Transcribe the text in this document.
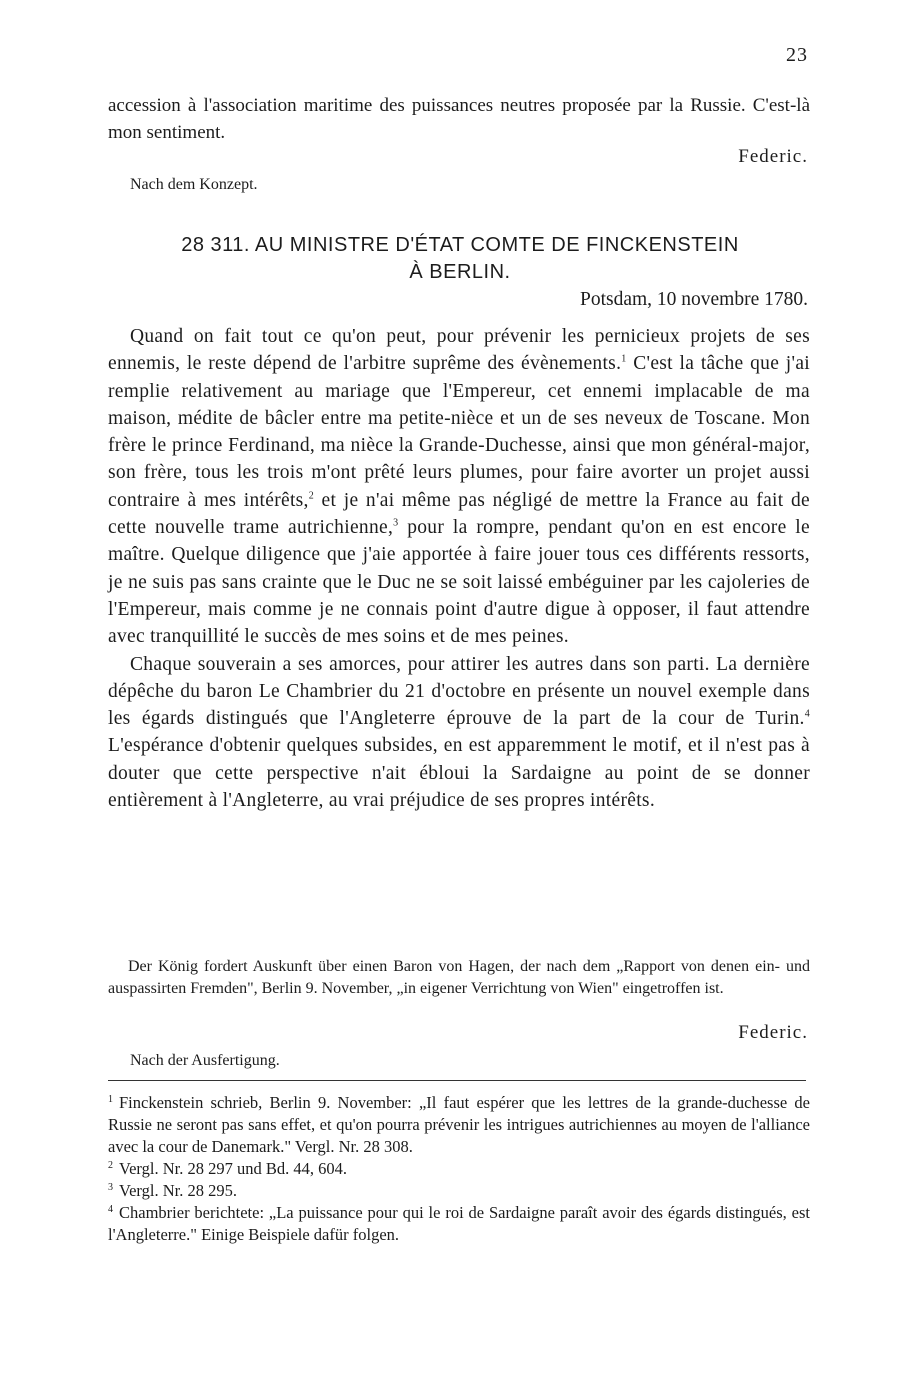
23
accession à l'association maritime des puissances neutres proposée par la Russie. C'est-là mon sentiment.
Federic.
Nach dem Konzept.
28 311. AU MINISTRE D'ÉTAT COMTE DE FINCKENSTEIN
À BERLIN.
Potsdam, 10 novembre 1780.

Quand on fait tout ce qu'on peut, pour prévenir les pernicieux projets de ses ennemis, le reste dépend de l'arbitre suprême des évènements.$^1$ C'est la tâche que j'ai remplie relativement au mariage que l'Empereur, cet ennemi implacable de ma maison, médite de bâcler entre ma petite-nièce et un de ses neveux de Toscane. Mon frère le prince Ferdinand, ma nièce la Grande-Duchesse, ainsi que mon général-major, son frère, tous les trois m'ont prêté leurs plumes, pour faire avorter un projet aussi contraire à mes intérêts,$^2$ et je n'ai même pas négligé de mettre la France au fait de cette nouvelle trame autrichienne,$^3$ pour la rompre, pendant qu'on en est encore le maître. Quelque diligence que j'aie apportée à faire jouer tous ces différents ressorts, je ne suis pas sans crainte que le Duc ne se soit laissé embéguiner par les cajoleries de l'Empereur, mais comme je ne connais point d'autre digue à opposer, il faut attendre avec tranquillité le succès de mes soins et de mes peines.

Chaque souverain a ses amorces, pour attirer les autres dans son parti. La dernière dépêche du baron Le Chambrier du 21 d'octobre en présente un nouvel exemple dans les égards distingués que l'Angleterre éprouve de la part de la cour de Turin.$^4$ L'espérance d'obtenir quelques subsides, en est apparemment le motif, et il n'est pas à douter que cette perspective n'ait ébloui la Sardaigne au point de se donner entièrement à l'Angleterre, au vrai préjudice de ses propres intérêts.

Der König fordert Auskunft über einen Baron von Hagen, der nach dem „Rapport von denen ein- und auspassirten Fremden", Berlin 9. November, „in eigener Verrichtung von Wien" eingetroffen ist.
Federic.
Nach der Ausfertigung.
$^1$ Finckenstein schrieb, Berlin 9. November: „Il faut espérer que les lettres de la grande-duchesse de Russie ne seront pas sans effet, et qu'on pourra prévenir les intrigues autrichiennes au moyen de l'alliance avec la cour de Danemark." Vergl. Nr. 28 308.
$^2$ Vergl. Nr. 28 297 und Bd. 44, 604.
$^3$ Vergl. Nr. 28 295.
$^4$ Chambrier berichtete: „La puissance pour qui le roi de Sardaigne paraît avoir des égards distingués, est l'Angleterre." Einige Beispiele dafür folgen.
